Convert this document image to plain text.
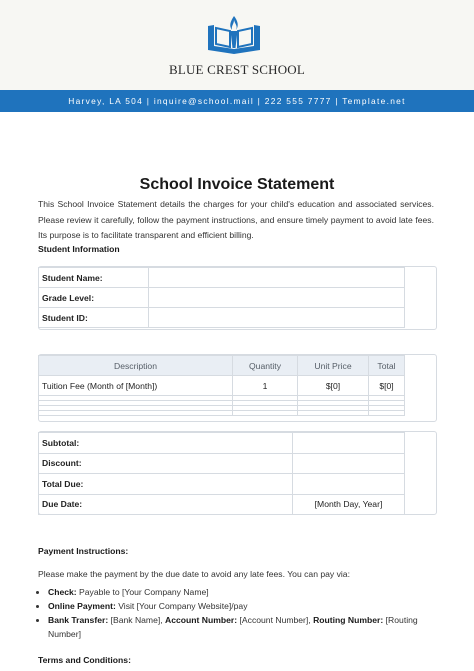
BLUE CREST SCHOOL
Harvey, LA 504 | inquire@school.mail | 222 555 7777 | Template.net
School Invoice Statement
This School Invoice Statement details the charges for your child's education and associated services. Please review it carefully, follow the payment instructions, and ensure timely payment to avoid late fees. Its purpose is to facilitate transparent and efficient billing.
Student Information
Student Name:	
Grade Level:	
Student ID:	
Description	Quantity	Unit Price	Total
Tuition Fee (Month of [Month])	1	$[0]	$[0]

Subtotal:	
Discount:	
Total Due:	
Due Date:	[Month Day, Year]
Payment Instructions:
Please make the payment by the due date to avoid any late fees. You can pay via:
• Check: Payable to [Your Company Name]
• Online Payment: Visit [Your Company Website]/pay
• Bank Transfer: [Bank Name], Account Number: [Account Number], Routing Number: [Routing Number]
Terms and Conditions:
